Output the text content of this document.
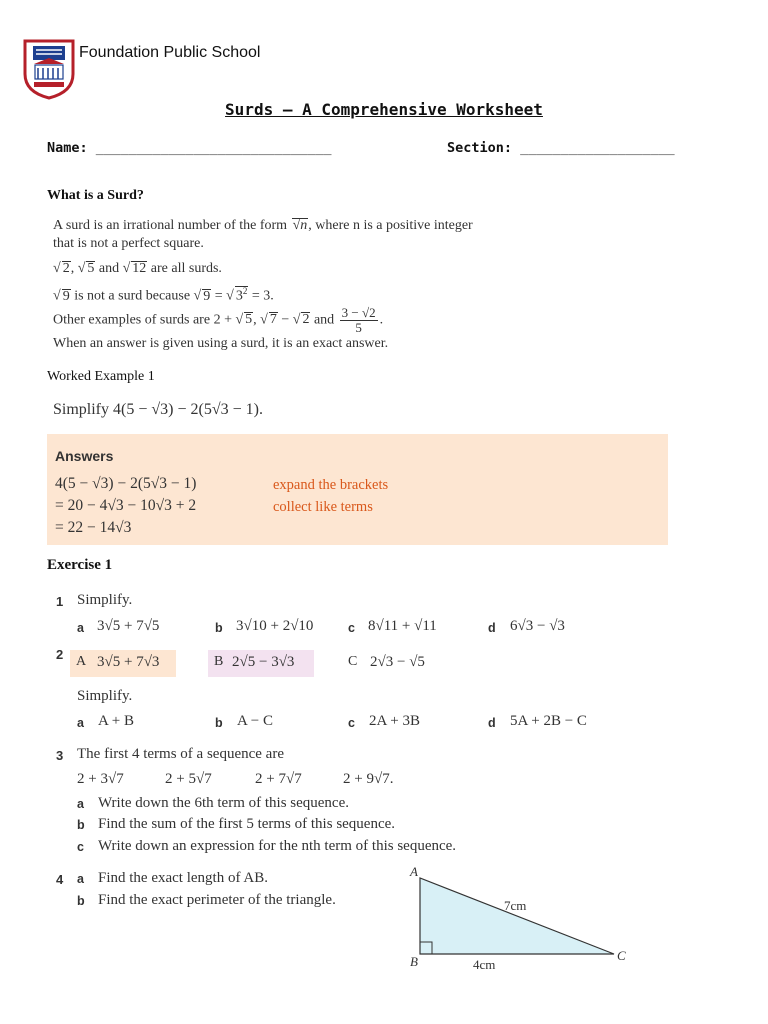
Foundation Public School
Surds – A Comprehensive Worksheet
Name: _____________________________	Section: ___________________
What is a Surd?
A surd is an irrational number of the form √ n, where n is a positive integer
that is not a perfect square.
√ 2, √ 5 and √ 12 are all surds.
√ 9 is not a surd because √ 9 = √ $3^2 = 3$.
Other examples of surds are 2 + √ 5, √ 7 − √ 2 and $\frac{3 - √2}{5}$ .
When an answer is given using a surd, it is an exact answer.
Worked Example 1
Simplify 4(5 − √3) − 2(5√3 − 1).
Answers
4(5 − √3) − 2(5√3 − 1)
= 20 − 4√3 − 10√3 + 2
= 22 − 14√3
expand the brackets
collect like terms
Exercise 1
1 Simplify.
a 3√5 + 7√5	b 3√10 + 2√10	c 8√11 + √11	d 6√3 − √3
2 A 3√5 + 7√3	B 2√5 − 3√3	C 2√3 − √5
Simplify.
a A + B	b A − C	c 2A + 3B	d 5A + 2B − C
3 The first 4 terms of a sequence are
2 + 3√7	2 + 5√7	2 + 7√7	2 + 9√7.
a Write down the 6th term of this sequence.
b Find the sum of the first 5 terms of this sequence.
c Write down an expression for the nth term of this sequence.
4 a Find the exact length of AB.
b Find the exact perimeter of the triangle.
A
B	C
7cm
4cm
